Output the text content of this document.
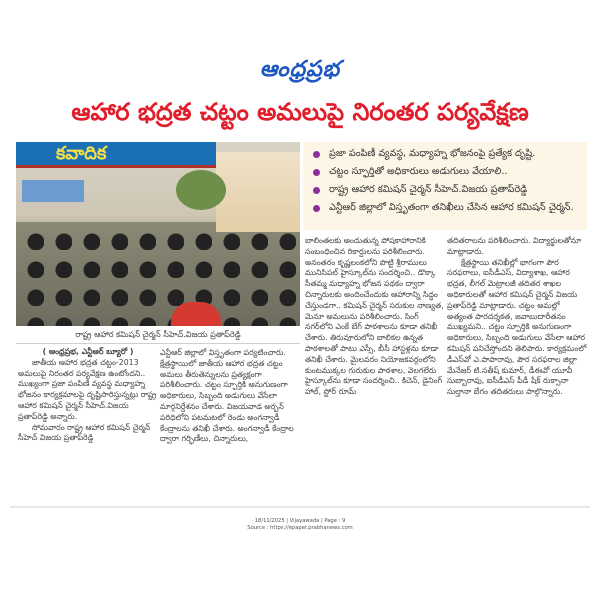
ఆంధ్రప్రభ
ఆహార భద్రత చట్టం అమలుపై నిరంతర పర్యవేక్షణ
కవాదిక
రాష్ట్ర ఆహార కమిషన్ చైర్మన్ సీహెచ్.విజయ ప్రతాప్‌రెడ్డి
ప్రజా పంపిణీ వ్యవస్థ, మధ్యాహ్న భోజనంపై ప్రత్యేక దృష్టి.
చట్టం స్ఫూర్తితో అధికారులు అడుగులు వేయాలి..
రాష్ట్ర ఆహార కమిషన్ చైర్మన్ సీహెచ్.విజయ ప్రతాప్‌రెడ్డి
ఎన్టీఆర్ జిల్లాలో విస్తృతంగా తనిఖీలు చేసిన ఆహార కమిషన్ చైర్మన్.

( ఆంధ్రప్రభ, ఎన్టీఆర్ బ్యూరో )

జాతీయ ఆహార భద్రత చట్టం-2013 అమలుపై నిరంతర పర్యవేక్షణ ఉంటోందని.. ముఖ్యంగా ప్రజా పంపిణీ వ్యవస్థ మధ్యాహ్న భోజనం కార్యక్రమాలపై దృష్టిసారిస్తున్నట్లు రాష్ట్ర ఆహార కమిషన్ చైర్మన్ సీహెచ్.విజయ ప్రతాప్‌రెడ్డి అన్నారు.

సోమవారం రాష్ట్ర ఆహార కమిషన్ చైర్మన్ సీహెచ్ విజయ ప్రతాప్‌రెడ్డి

ఎన్టీఆర్ జిల్లాలో విస్తృతంగా పర్యటించారు. క్షేత్రస్థాయిలో జాతీయ ఆహార భద్రత చట్టం అమలు తీరుతెన్నులను ప్రత్యక్షంగా పరిశీలించారు. చట్టం స్ఫూర్తికి అనుగుణంగా అధికారులు, సిబ్బంది అడుగులు వేసేలా మార్గనిర్దేశనం చేశారు. విజయవాడ అర్బన్ పరిధిలోని పటమటలో రెండు అంగన్వాడీ కేంద్రాలను తనిఖీ చేశారు. అంగన్వాడీ కేంద్రాల ద్వారా గర్భిణీలు, చిన్నారులు,

బాలింతలకు అందుతున్న పోషకాహారానికి సంబంధించిన రికార్డులను పరిశీలించారు. అనంతరం కృష్ణలంకలోని పొట్టి శ్రీరాములు మునిసిపల్ హైస్కూల్‌ను సందర్శించి.. డొక్కా సీతమ్మ మధ్యాహ్న భోజన పథకం ద్వారా చిన్నారులకు అందించేందుకు ఆహారాన్ని సిద్ధం చేస్తుండగా.. కమిషన్ చైర్మన్ సరుకుల నాణ్యత, మెనూ అమలును పరిశీలించారు. సింగ్ నగర్‌లోని ఎంకే బేగ్ పాఠశాలను కూడా తనిఖీ చేశారు. తిరువూరులోని బాలికల ఉన్నత పాఠశాలతో పాటు ఎస్సీ, బీసీ హాస్టళ్లను కూడా తనిఖీ చేశారు. మైలవరం నియోజకవర్గంలోని కుంటముక్కల గురుకుల పాఠశాల, వెలగలేరు హైస్కూల్‌ను కూడా సందర్శించి.. కిచెన్, డైనింగ్ హాల్, స్టోర్ రూమ్

తదితరాలను పరిశీలించారు. విద్యార్థులతోనూ మాట్లాడారు.

క్షేత్రస్థాయి తనిఖీల్లో భాగంగా పౌర సరఫరాలు, ఐసీడీఎస్, విద్యాశాఖ, ఆహార భద్రత, లీగల్ మెట్రాలజీ తదితర శాఖల అధికారులతో ఆహార కమిషన్ చైర్మన్ విజయ ప్రతాప్‌రెడ్డి మాట్లాడారు. చట్టం అమల్లో అత్యంత పారదర్శకత, జవాబుదారీతనం ముఖ్యమని.. చట్టం స్ఫూర్తికి అనుగుణంగా అధికారులు, సిబ్బంది అడుగులు వేసేలా ఆహార కమిషన్ పనిచేస్తోందని తెలిపారు. కార్యక్రమంలో డీఎస్‌వో ఎ.పాపారావు, పౌర సరఫరాల జిల్లా మేనేజర్ టి.సతీష్ కుమార్, డీఈవో యూవీ సుబ్బారావు, ఐసీడీఎస్ పీడీ షేక్ రుక్సానా సుల్తానా బేగం తదితరులు పాల్గొన్నారు.

18/11/2025 | Vijayawada | Page : 9
Source : https://epaper.prabhanews.com
